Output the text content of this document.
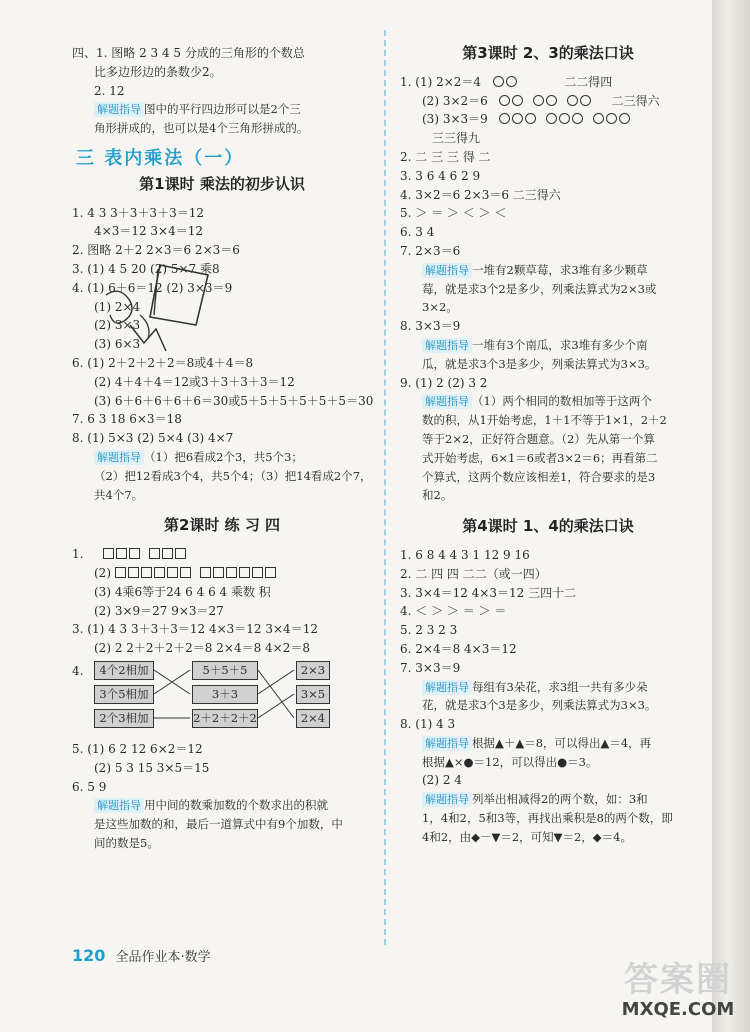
四、1. 图略 2 3 4 5 分成的三角形的个数总
比多边形边的条数少2。
2. 12
解题指导 图中的平行四边形可以是2个三
角形拼成的，也可以是4个三角形拼成的。
三 表内乘法（一）
第1课时 乘法的初步认识
1. 4 3 3＋3＋3＋3＝12
4×3＝12 3×4＝12
2. 图略 2＋2 2×3＝6 2×3＝6
3. (1) 4 5 20 (2) 5×7 乘8
4. (1) 6＋6＝12 (2) 3×3＝9
(1) 2×4
(2) 3×3
(3) 6×3
6. (1) 2＋2＋2＋2＝8或4＋4＝8
(2) 4＋4＋4＝12或3＋3＋3＋3＝12
(3) 6＋6＋6＋6＋6＝30或5＋5＋5＋5＋5＋5＝30
7. 6 3 18 6×3＝18
8. (1) 5×3 (2) 5×4 (3) 4×7
解题指导 （1）把6看成2个3，共5个3；
（2）把12看成3个4，共5个4；（3）把14看成2个7，
共4个7。
第2课时 练 习 四
1.
(2)
(3) 4乘6等于24 6 4 6 4 乘数 积
(2) 3×9＝27 9×3＝27
3. (1) 4 3 3＋3＋3＝12 4×3＝12 3×4＝12
(2) 2 2＋2＋2＋2＝8 2×4＝8 4×2＝8
4.	4个2相加
3个5相加
2个3相加
5＋5＋5
3＋3
2＋2＋2＋2
2×3
3×5
2×4
5. (1) 6 2 12 6×2＝12
(2) 5 3 15 3×5＝15
6. 5 9
解题指导 用中间的数乘加数的个数求出的积就
是这些加数的和，最后一道算式中有9个加数，中
间的数是5。
第3课时 2、3的乘法口诀
1. (1) 2×2＝4	二二得四
(2) 3×2＝6	二三得六
(3) 3×3＝9
三三得九
2. 二 三 三 得 二
3. 3 6 4 6 2 9
4. 3×2＝6 2×3＝6 二三得六
5. ＞ ＝ ＞ ＜ ＞ ＜
6. 3 4
7. 2×3＝6
解题指导 一堆有2颗草莓，求3堆有多少颗草
莓，就是求3个2是多少，列乘法算式为2×3或
3×2。
8. 3×3＝9
解题指导 一堆有3个南瓜，求3堆有多少个南
瓜，就是求3个3是多少，列乘法算式为3×3。
9. (1) 2 (2) 3 2
解题指导 （1）两个相同的数相加等于这两个
数的积，从1开始考虑，1＋1不等于1×1，2＋2
等于2×2，正好符合题意。（2）先从第一个算
式开始考虑，6×1＝6或者3×2＝6；再看第二
个算式，这两个数应该相差1，符合要求的是3
和2。
第4课时 1、4的乘法口诀
1. 6 8 4 4 3 1 12 9 16
2. 二 四 四 二二（或一四）
3. 3×4＝12 4×3＝12 三四十二
4. ＜ ＞ ＞ ＝ ＞ ＝
5. 2 3 2 3
6. 2×4＝8 4×3＝12
7. 3×3＝9
解题指导 每组有3朵花，求3组一共有多少朵
花，就是求3个3是多少，列乘法算式为3×3。
8. (1) 4 3
解题指导 根据▲＋▲＝8，可以得出▲＝4，再
根据▲×●＝12，可以得出●＝3。
(2) 2 4
解题指导 列举出相减得2的两个数，如：3和
1，4和2，5和3等，再找出乘积是8的两个数，即
4和2，由◆－▼＝2，可知▼＝2，◆＝4。
120 全品作业本·数学
答案圈
MXQE.COM
